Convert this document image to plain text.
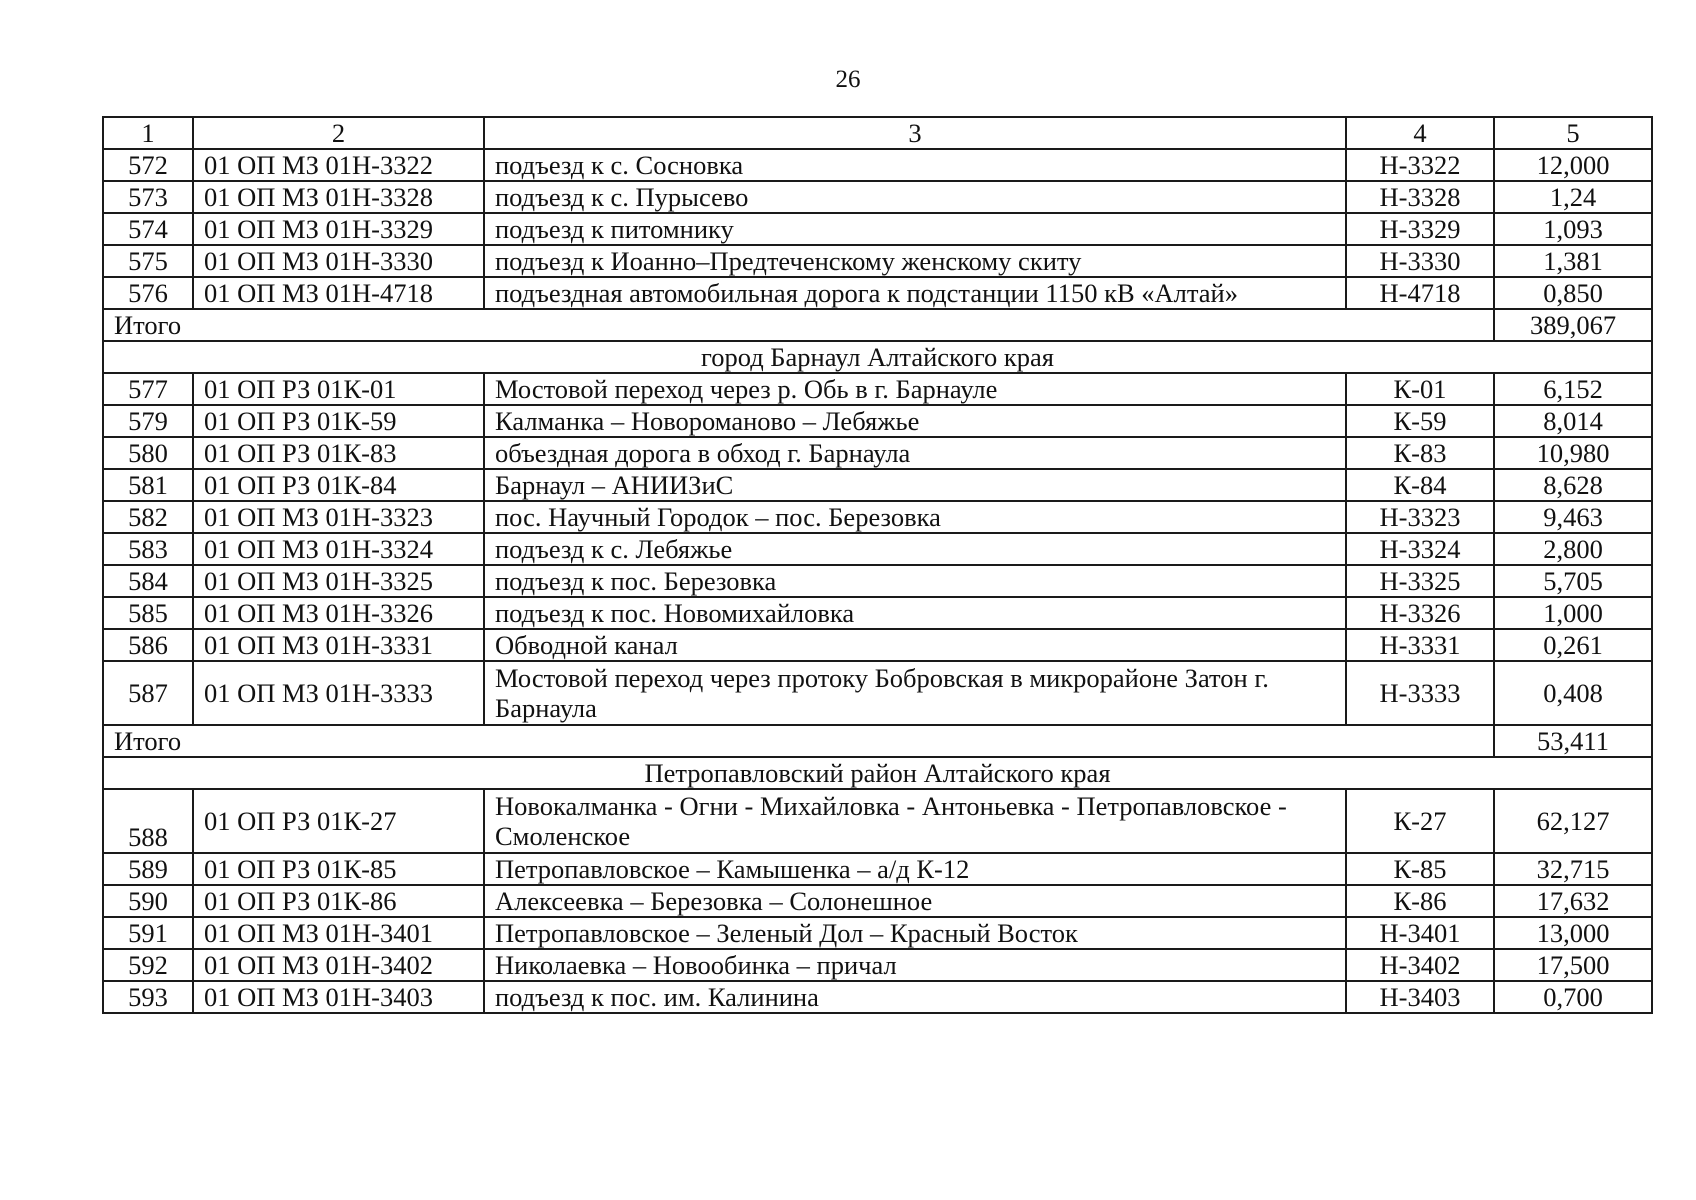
26
1	2	3	4	5
572	01 ОП МЗ 01Н-3322	подъезд к с. Сосновка	Н-3322	12,000
573	01 ОП МЗ 01Н-3328	подъезд к с. Пурысево	Н-3328	1,24
574	01 ОП МЗ 01Н-3329	подъезд к питомнику	Н-3329	1,093
575	01 ОП МЗ 01Н-3330	подъезд к Иоанно–Предтеченскому женскому скиту	Н-3330	1,381
576	01 ОП МЗ 01Н-4718	подъездная автомобильная дорога к подстанции 1150 кВ «Алтай»	Н-4718	0,850
Итого				389,067
город Барнаул Алтайского края				
577	01 ОП РЗ 01К-01	Мостовой переход через р. Обь в г. Барнауле	К-01	6,152
579	01 ОП РЗ 01К-59	Калманка – Новороманово – Лебяжье	К-59	8,014
580	01 ОП РЗ 01К-83	объездная дорога в обход г. Барнаула	К-83	10,980
581	01 ОП РЗ 01К-84	Барнаул – АНИИЗиС	К-84	8,628
582	01 ОП МЗ 01Н-3323	пос. Научный Городок – пос. Березовка	Н-3323	9,463
583	01 ОП МЗ 01Н-3324	подъезд к с. Лебяжье	Н-3324	2,800
584	01 ОП МЗ 01Н-3325	подъезд к пос. Березовка	Н-3325	5,705
585	01 ОП МЗ 01Н-3326	подъезд к пос. Новомихайловка	Н-3326	1,000
586	01 ОП МЗ 01Н-3331	Обводной канал	Н-3331	0,261
587	01 ОП МЗ 01Н-3333	Мостовой переход через протоку Бобровская в микрорайоне Затон г. Барнаула	Н-3333	0,408
Итого				53,411
Петропавловский район Алтайского края				
588	01 ОП РЗ 01К-27	Новокалманка - Огни - Михайловка - Антоньевка - Петропавловское - Смоленское	К-27	62,127
589	01 ОП РЗ 01К-85	Петропавловское – Камышенка – а/д К-12	К-85	32,715
590	01 ОП РЗ 01К-86	Алексеевка – Березовка – Солонешное	К-86	17,632
591	01 ОП МЗ 01Н-3401	Петропавловское – Зеленый Дол – Красный Восток	Н-3401	13,000
592	01 ОП МЗ 01Н-3402	Николаевка – Новообинка – причал	Н-3402	17,500
593	01 ОП МЗ 01Н-3403	подъезд к пос. им. Калинина	Н-3403	0,700
